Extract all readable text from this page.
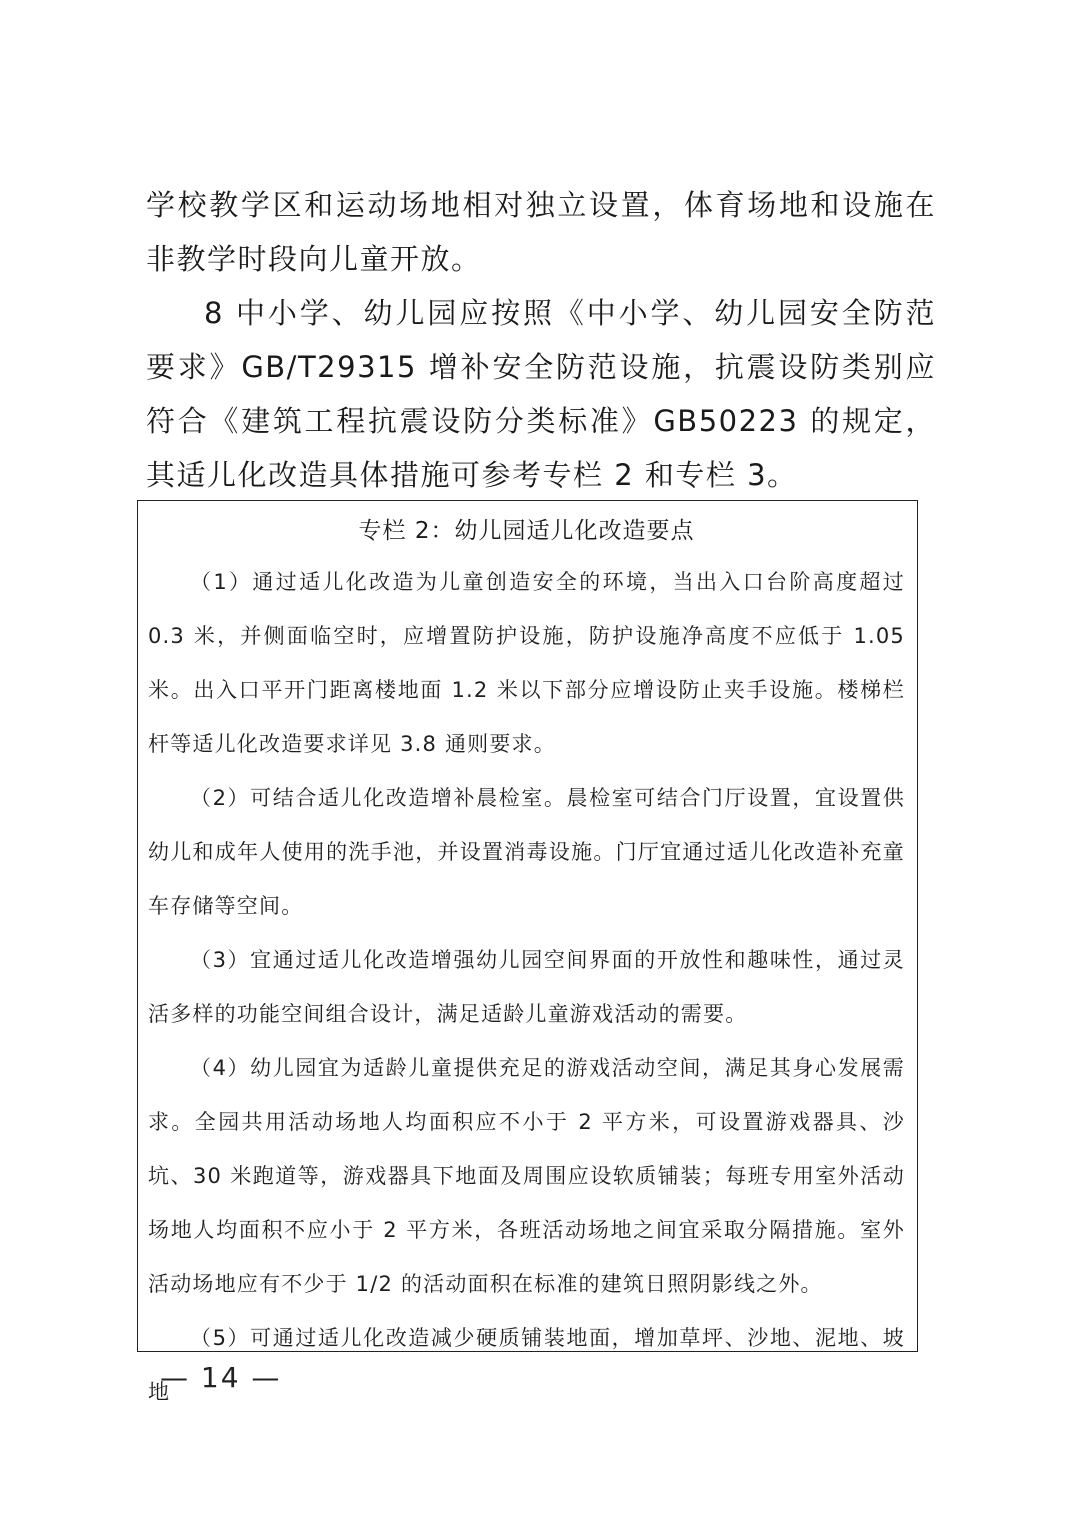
学校教学区和运动场地相对独立设置，体育场地和设施在非教学时段向儿童开放。

8 中小学、幼儿园应按照《中小学、幼儿园安全防范要求》GB/T29315 增补安全防范设施，抗震设防类别应符合《建筑工程抗震设防分类标准》GB50223 的规定，其适儿化改造具体措施可参考专栏 2 和专栏 3。

专栏 2：幼儿园适儿化改造要点

（1）通过适儿化改造为儿童创造安全的环境，当出入口台阶高度超过 0.3 米，并侧面临空时，应增置防护设施，防护设施净高度不应低于 1.05 米。出入口平开门距离楼地面 1.2 米以下部分应增设防止夹手设施。楼梯栏杆等适儿化改造要求详见 3.8 通则要求。

（2）可结合适儿化改造增补晨检室。晨检室可结合门厅设置，宜设置供幼儿和成年人使用的洗手池，并设置消毒设施。门厅宜通过适儿化改造补充童车存储等空间。

（3）宜通过适儿化改造增强幼儿园空间界面的开放性和趣味性，通过灵活多样的功能空间组合设计，满足适龄儿童游戏活动的需要。

（4）幼儿园宜为适龄儿童提供充足的游戏活动空间，满足其身心发展需求。全园共用活动场地人均面积应不小于 2 平方米，可设置游戏器具、沙坑、30 米跑道等，游戏器具下地面及周围应设软质铺装；每班专用室外活动场地人均面积不应小于 2 平方米，各班活动场地之间宜采取分隔措施。室外活动场地应有不少于 1/2 的活动面积在标准的建筑日照阴影线之外。

（5）可通过适儿化改造减少硬质铺装地面，增加草坪、沙地、泥地、坡地

— 14 —
